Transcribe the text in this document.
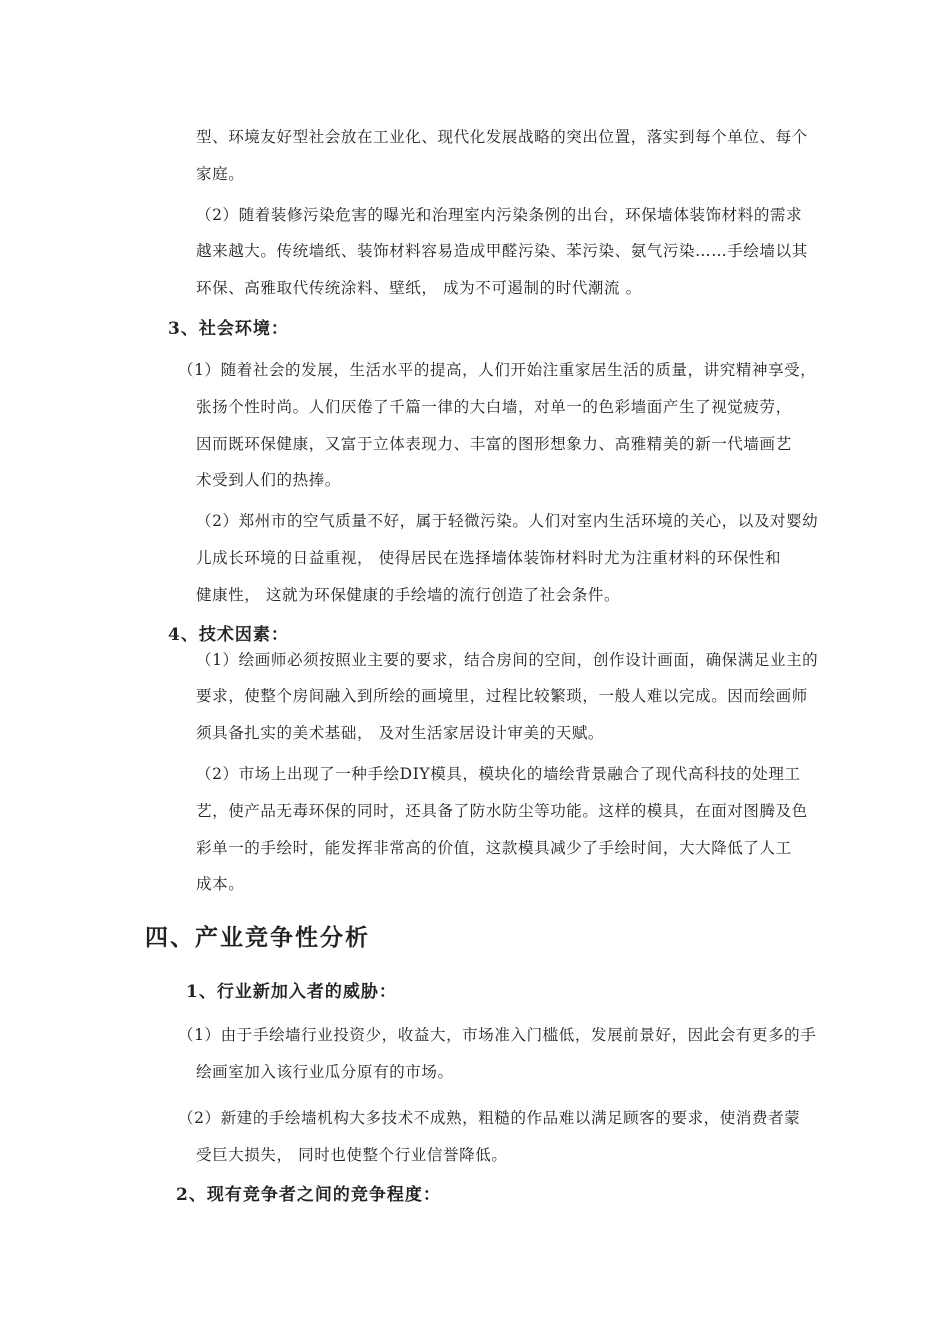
型、环境友好型社会放在工业化、现代化发展战略的突出位置，落实到每个单位、每个
家庭。
（2）随着装修污染危害的曝光和治理室内污染条例的出台，环保墙体装饰材料的需求
越来越大。传统墙纸、装饰材料容易造成甲醛污染、苯污染、氨气污染……手绘墙以其
环保、高雅取代传统涂料、壁纸， 成为不可遏制的时代潮流 。
3、社会环境：
（1）随着社会的发展，生活水平的提高，人们开始注重家居生活的质量，讲究精神享受，
张扬个性时尚。人们厌倦了千篇一律的大白墙，对单一的色彩墙面产生了视觉疲劳，
因而既环保健康，又富于立体表现力、丰富的图形想象力、高雅精美的新一代墙画艺
术受到人们的热捧。
（2）郑州市的空气质量不好，属于轻微污染。人们对室内生活环境的关心，以及对婴幼
儿成长环境的日益重视， 使得居民在选择墙体装饰材料时尤为注重材料的环保性和
健康性， 这就为环保健康的手绘墙的流行创造了社会条件。
4、技术因素：
（1）绘画师必须按照业主要的要求，结合房间的空间，创作设计画面，确保满足业主的
要求，使整个房间融入到所绘的画境里，过程比较繁琐，一般人难以完成。因而绘画师
须具备扎实的美术基础， 及对生活家居设计审美的天赋。
（2）市场上出现了一种手绘DIY模具，模块化的墙绘背景融合了现代高科技的处理工
艺，使产品无毒环保的同时，还具备了防水防尘等功能。这样的模具，在面对图腾及色
彩单一的手绘时，能发挥非常高的价值，这款模具减少了手绘时间，大大降低了人工
成本。
四、产业竞争性分析
1、行业新加入者的威胁：
（1）由于手绘墙行业投资少，收益大，市场准入门槛低，发展前景好，因此会有更多的手
绘画室加入该行业瓜分原有的市场。
（2）新建的手绘墙机构大多技术不成熟，粗糙的作品难以满足顾客的要求，使消费者蒙
受巨大损失， 同时也使整个行业信誉降低。
2、现有竞争者之间的竞争程度：
